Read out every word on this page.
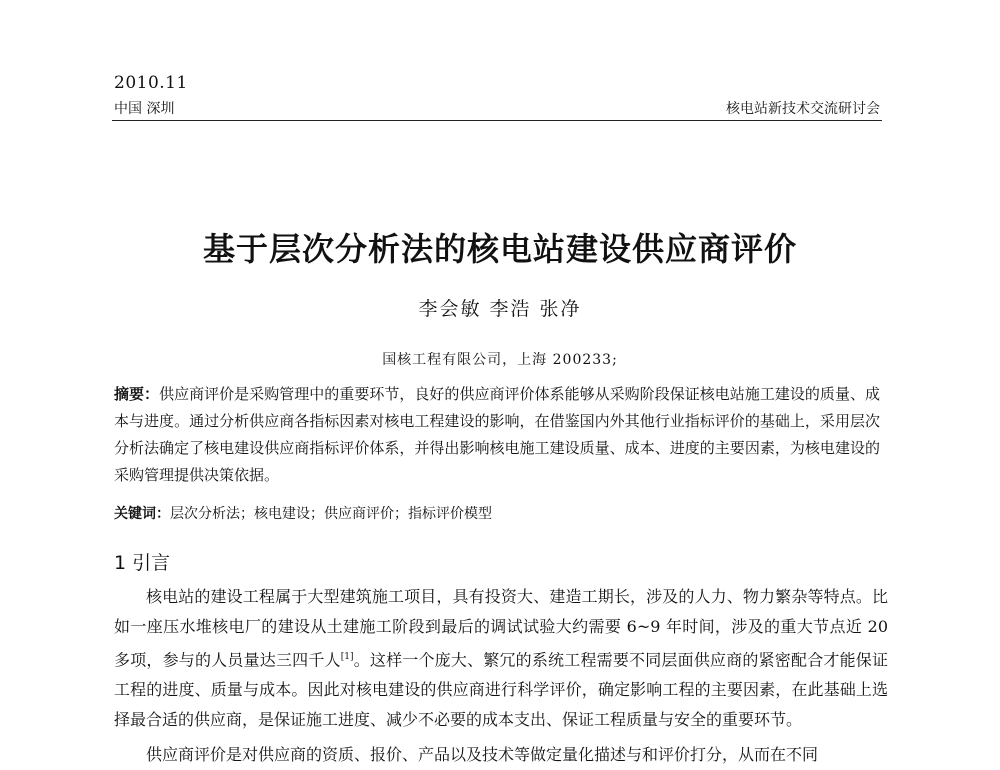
2010.11
中国 深圳	核电站新技术交流研讨会
基于层次分析法的核电站建设供应商评价
李会敏 李浩 张净
国核工程有限公司，上海 200233;
摘要：供应商评价是采购管理中的重要环节，良好的供应商评价体系能够从采购阶段保证核电站施工建设的质量、成本与进度。通过分析供应商各指标因素对核电工程建设的影响，在借鉴国内外其他行业指标评价的基础上，采用层次分析法确定了核电建设供应商指标评价体系，并得出影响核电施工建设质量、成本、进度的主要因素，为核电建设的采购管理提供决策依据。
关键词：层次分析法；核电建设；供应商评价；指标评价模型
1 引言
核电站的建设工程属于大型建筑施工项目，具有投资大、建造工期长，涉及的人力、物力繁杂等特点。比如一座压水堆核电厂的建设从土建施工阶段到最后的调试试验大约需要 6~9 年时间，涉及的重大节点近 20 多项，参与的人员量达三四千人[1]。这样一个庞大、繁冗的系统工程需要不同层面供应商的紧密配合才能保证工程的进度、质量与成本。因此对核电建设的供应商进行科学评价，确定影响工程的主要因素，在此基础上选择最合适的供应商，是保证施工进度、减少不必要的成本支出、保证工程质量与安全的重要环节。
供应商评价是对供应商的资质、报价、产品以及技术等做定量化描述与和评价打分，从而在不同
